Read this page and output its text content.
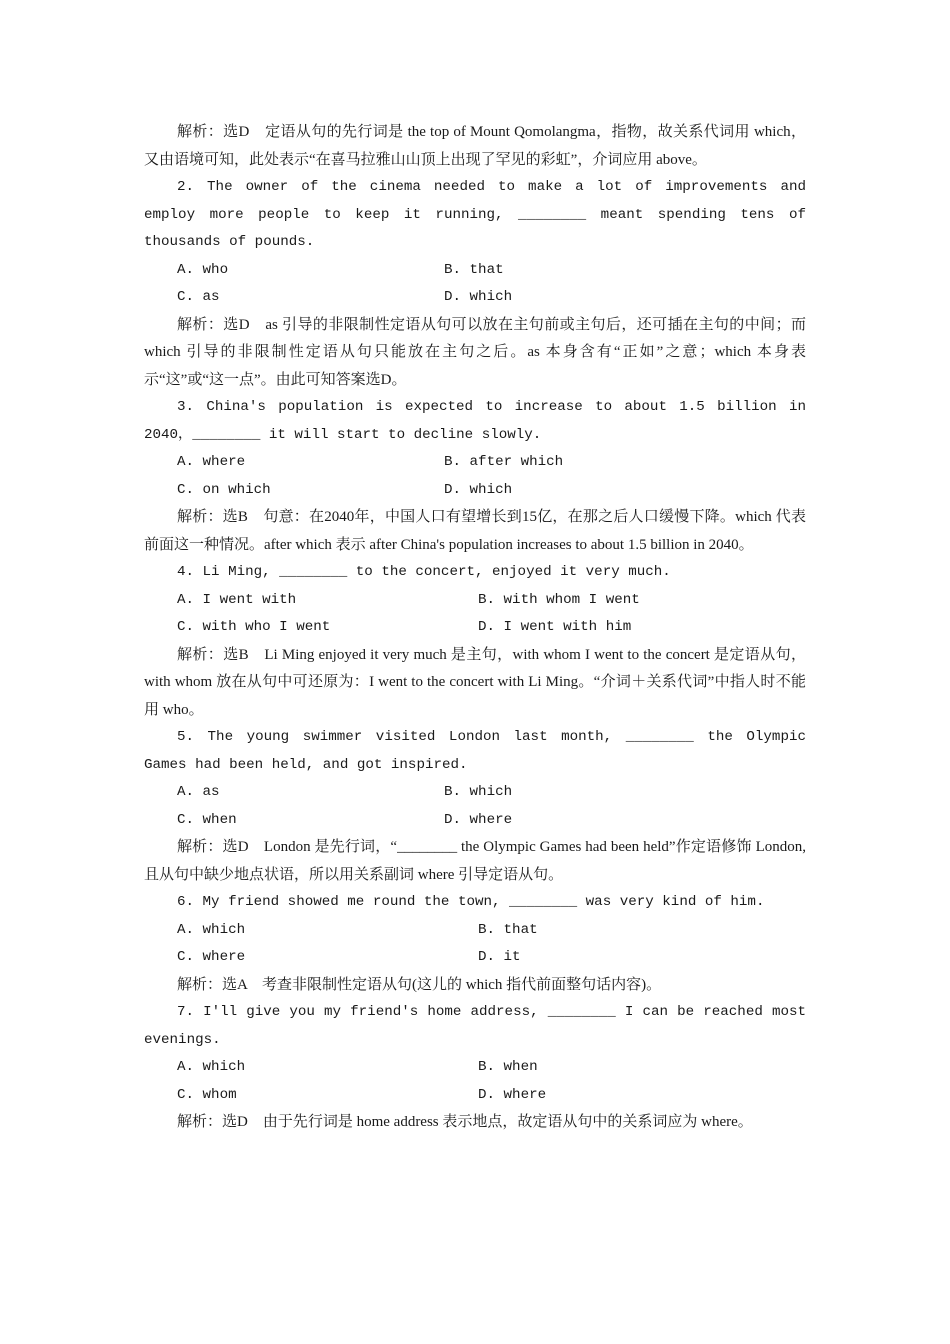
解析：选D　定语从句的先行词是 the top of Mount Qomolangma，指物，故关系代词用 which，又由语境可知，此处表示“在喜马拉雅山山顶上出现了罕见的彩虹”，介词应用 above。

2. The owner of the cinema needed to make a lot of improvements and employ more people to keep it running, ________ meant spending tens of thousands of pounds.

A. who	B. that
C. as	D. which

解析：选D　as 引导的非限制性定语从句可以放在主句前或主句后，还可插在主句的中间；而 which 引导的非限制性定语从句只能放在主句之后。as 本身含有“正如”之意；which 本身表示“这”或“这一点”。由此可知答案选D。

3. China's population is expected to increase to about 1.5 billion in 2040，________ it will start to decline slowly.

A. where	B. after which
C. on which	D. which

解析：选B　句意：在2040年，中国人口有望增长到15亿，在那之后人口缓慢下降。which 代表前面这一种情况。after which 表示 after China's population increases to about 1.5 billion in 2040。

4. Li Ming, ________ to the concert, enjoyed it very much.

A. I went with	B. with whom I went
C. with who I went	D. I went with him

解析：选B　Li Ming enjoyed it very much 是主句，with whom I went to the concert 是定语从句，with whom 放在从句中可还原为：I went to the concert with Li Ming。“介词＋关系代词”中指人时不能用 who。

5. The young swimmer visited London last month, ________ the Olympic Games had been held, and got inspired.

A. as	B. which
C. when	D. where

解析：选D　London 是先行词，“________ the Olympic Games had been held”作定语修饰 London, 且从句中缺少地点状语，所以用关系副词 where 引导定语从句。

6. My friend showed me round the town, ________ was very kind of him.

A. which	B. that
C. where	D. it

解析：选A　考查非限制性定语从句(这儿的 which 指代前面整句话内容)。

7. I'll give you my friend's home address, ________ I can be reached most evenings.

A. which	B. when
C. whom	D. where

解析：选D　由于先行词是 home address 表示地点，故定语从句中的关系词应为 where。
